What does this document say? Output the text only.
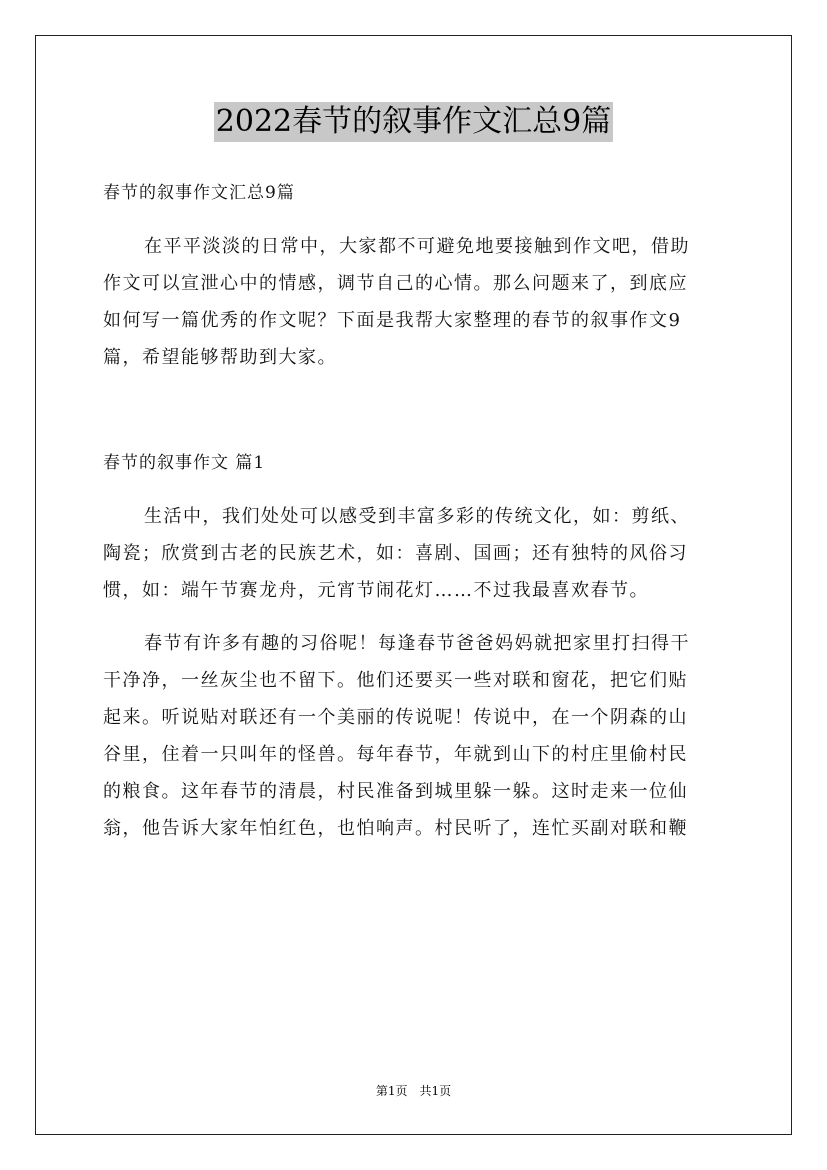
2022春节的叙事作文汇总9篇
春节的叙事作文汇总9篇
在平平淡淡的日常中，大家都不可避免地要接触到作文吧，借助
作文可以宣泄心中的情感，调节自己的心情。那么问题来了，到底应
如何写一篇优秀的作文呢？下面是我帮大家整理的春节的叙事作文9
篇，希望能够帮助到大家。
春节的叙事作文 篇1
生活中，我们处处可以感受到丰富多彩的传统文化，如：剪纸、
陶瓷；欣赏到古老的民族艺术，如：喜剧、国画；还有独特的风俗习
惯，如：端午节赛龙舟，元宵节闹花灯……不过我最喜欢春节。
春节有许多有趣的习俗呢！每逢春节爸爸妈妈就把家里打扫得干
干净净，一丝灰尘也不留下。他们还要买一些对联和窗花，把它们贴
起来。听说贴对联还有一个美丽的传说呢！传说中，在一个阴森的山
谷里，住着一只叫年的怪兽。每年春节，年就到山下的村庄里偷村民
的粮食。这年春节的清晨，村民准备到城里躲一躲。这时走来一位仙
翁，他告诉大家年怕红色，也怕响声。村民听了，连忙买副对联和鞭
第1页　共1页
